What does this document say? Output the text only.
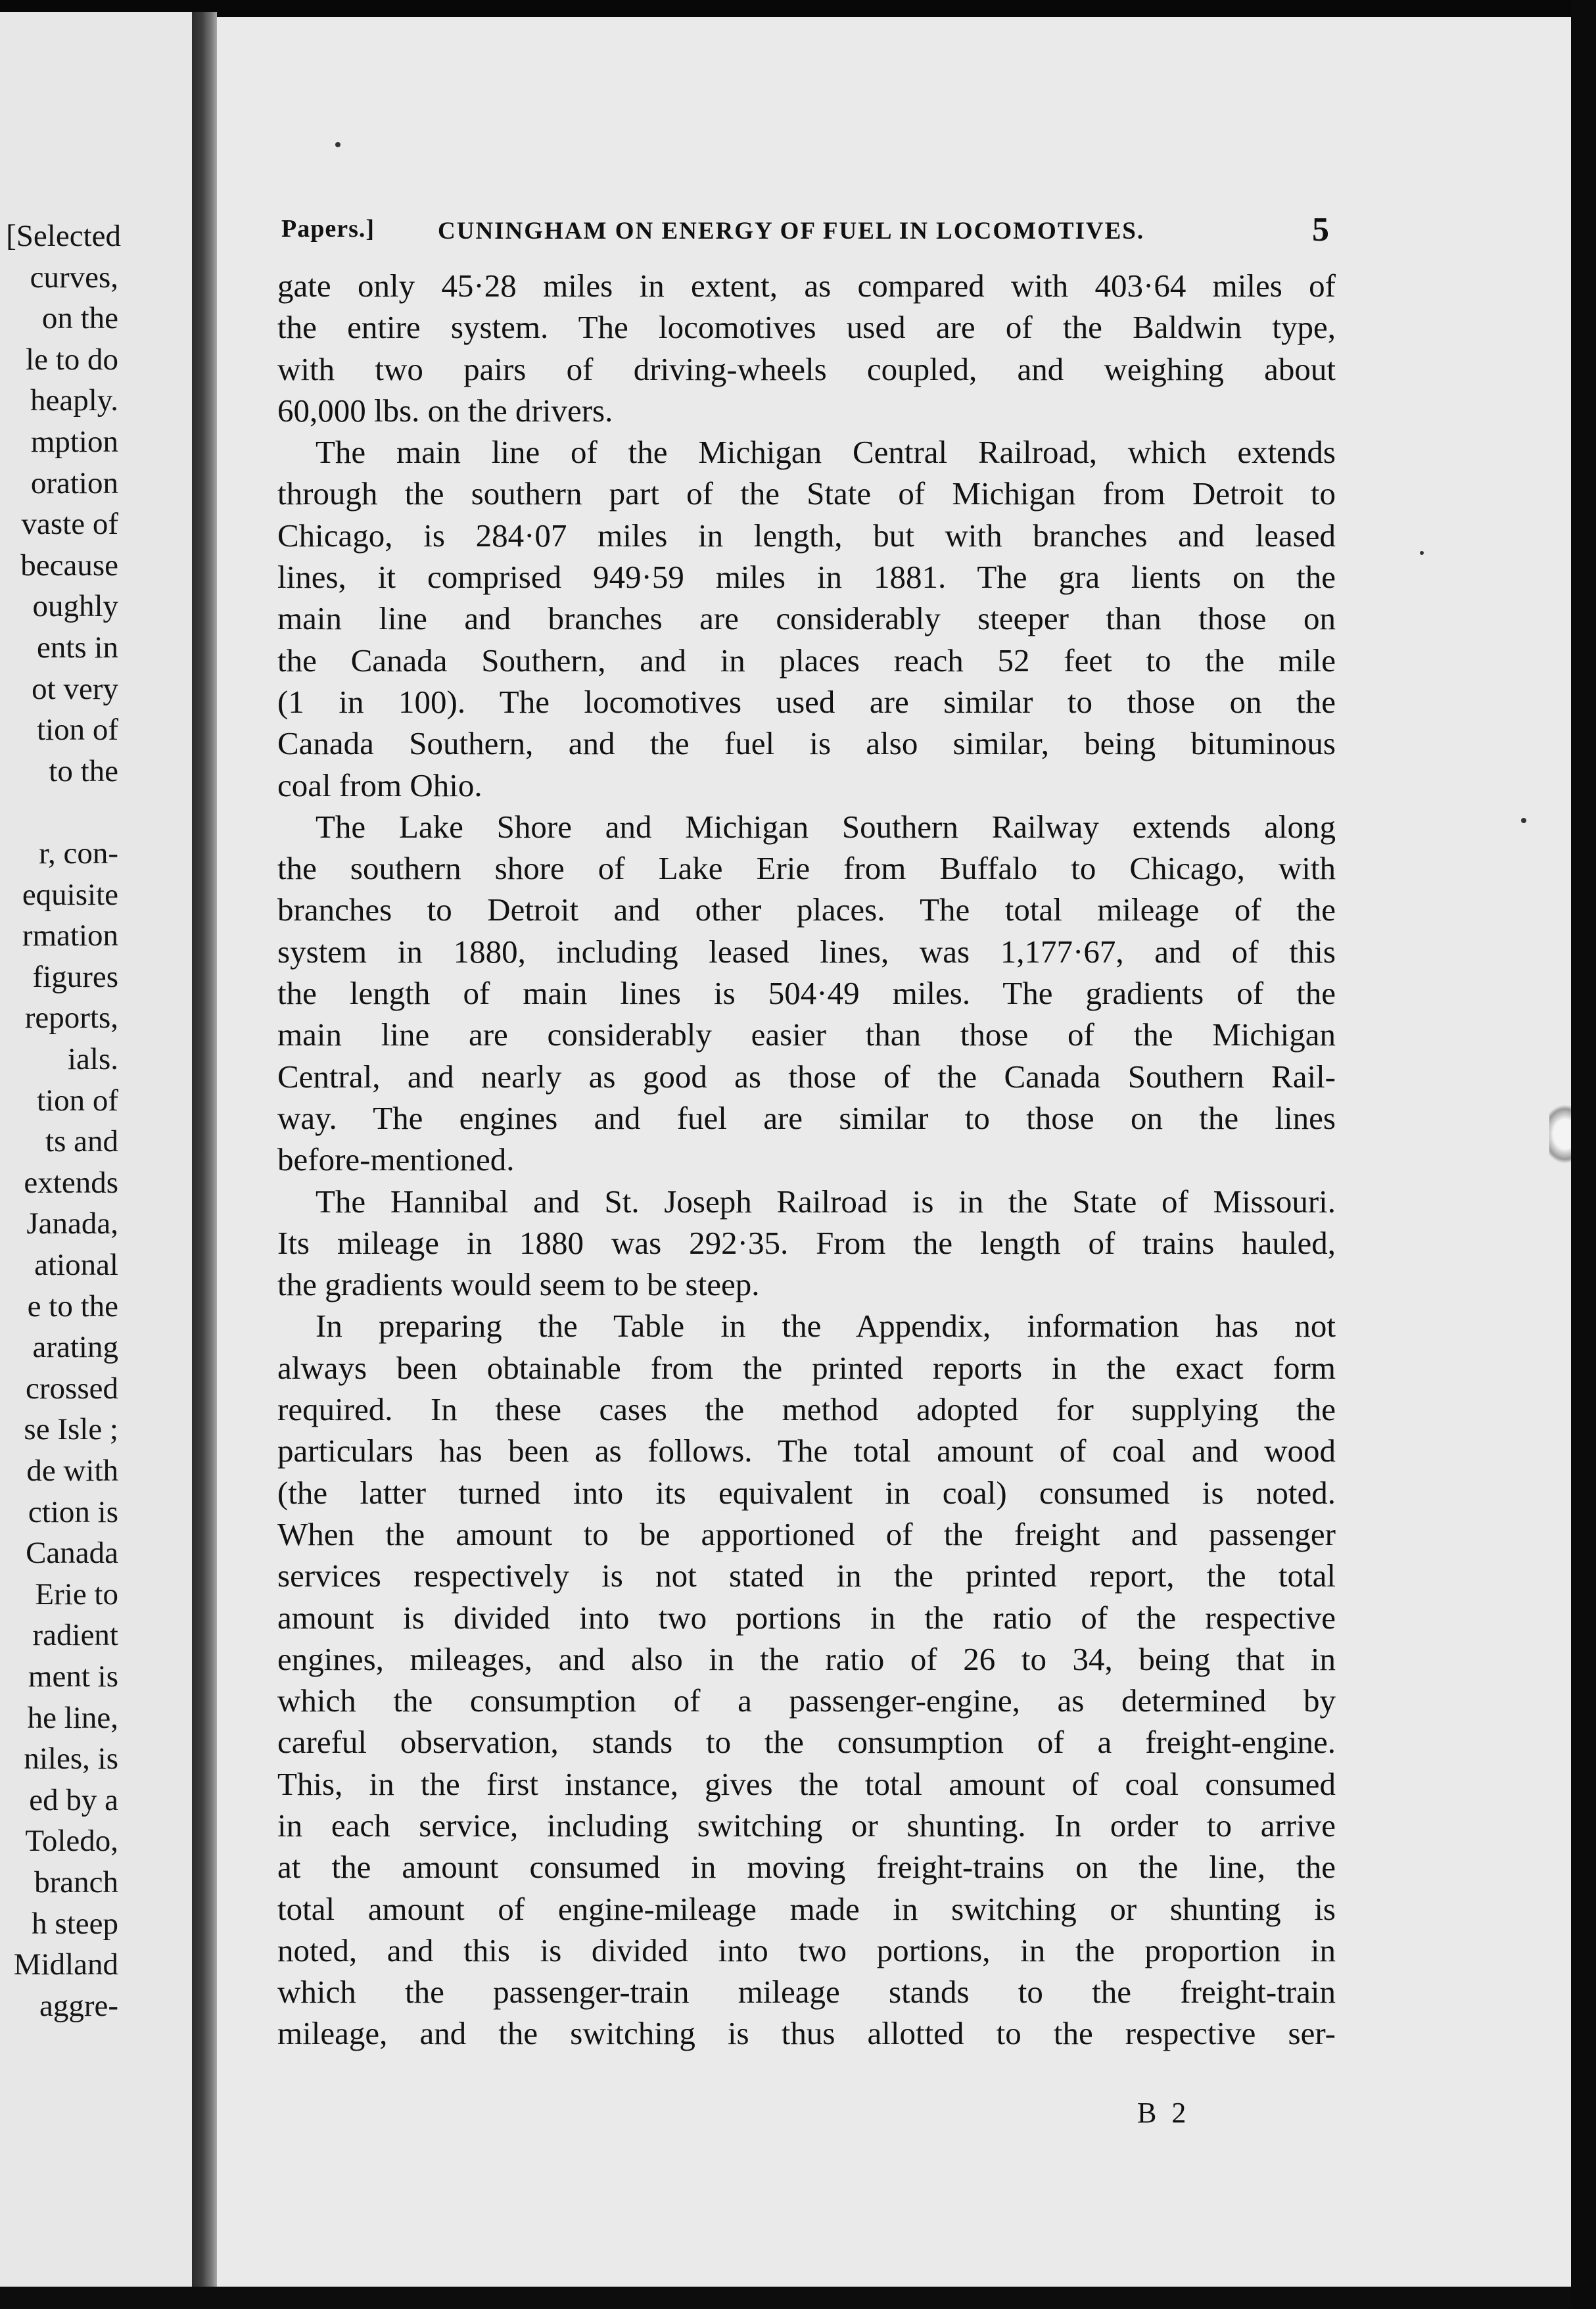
[Selected
curves,
on the
le to do
heaply.
mption
oration
vaste of
because
oughly
ents in
ot very
tion of
to the
r, con-
equisite
rmation
figures
reports,
ials.
tion of
ts and
extends
Janada,
ational
e to the
arating
crossed
se Isle ;
de with
ction is
Canada
Erie to
radient
ment is
he line,
niles, is
ed by a
Toledo,
branch
h steep
Midland
aggre-
Papers.]	CUNINGHAM ON ENERGY OF FUEL IN LOCOMOTIVES.	5

gate only 45·28 miles in extent, as compared with 403·64 miles of
the entire system. The locomotives used are of the Baldwin type,
with two pairs of driving-wheels coupled, and weighing about
60,000 lbs. on the drivers.

The main line of the Michigan Central Railroad, which extends
through the southern part of the State of Michigan from Detroit to
Chicago, is 284·07 miles in length, but with branches and leased
lines, it comprised 949·59 miles in 1881. The gra lients on the
main line and branches are considerably steeper than those on
the Canada Southern, and in places reach 52 feet to the mile
(1 in 100). The locomotives used are similar to those on the
Canada Southern, and the fuel is also similar, being bituminous
coal from Ohio.

The Lake Shore and Michigan Southern Railway extends along
the southern shore of Lake Erie from Buffalo to Chicago, with
branches to Detroit and other places. The total mileage of the
system in 1880, including leased lines, was 1,177·67, and of this
the length of main lines is 504·49 miles. The gradients of the
main line are considerably easier than those of the Michigan
Central, and nearly as good as those of the Canada Southern Rail-
way. The engines and fuel are similar to those on the lines
before-mentioned.

The Hannibal and St. Joseph Railroad is in the State of Missouri.
Its mileage in 1880 was 292·35. From the length of trains hauled,
the gradients would seem to be steep.

In preparing the Table in the Appendix, information has not
always been obtainable from the printed reports in the exact form
required. In these cases the method adopted for supplying the
particulars has been as follows. The total amount of coal and wood
(the latter turned into its equivalent in coal) consumed is noted.
When the amount to be apportioned of the freight and passenger
services respectively is not stated in the printed report, the total
amount is divided into two portions in the ratio of the respective
engines, mileages, and also in the ratio of 26 to 34, being that in
which the consumption of a passenger-engine, as determined by
careful observation, stands to the consumption of a freight-engine.
This, in the first instance, gives the total amount of coal consumed
in each service, including switching or shunting. In order to arrive
at the amount consumed in moving freight-trains on the line, the
total amount of engine-mileage made in switching or shunting is
noted, and this is divided into two portions, in the proportion in
which the passenger-train mileage stands to the freight-train
mileage, and the switching is thus allotted to the respective ser-

B 2
